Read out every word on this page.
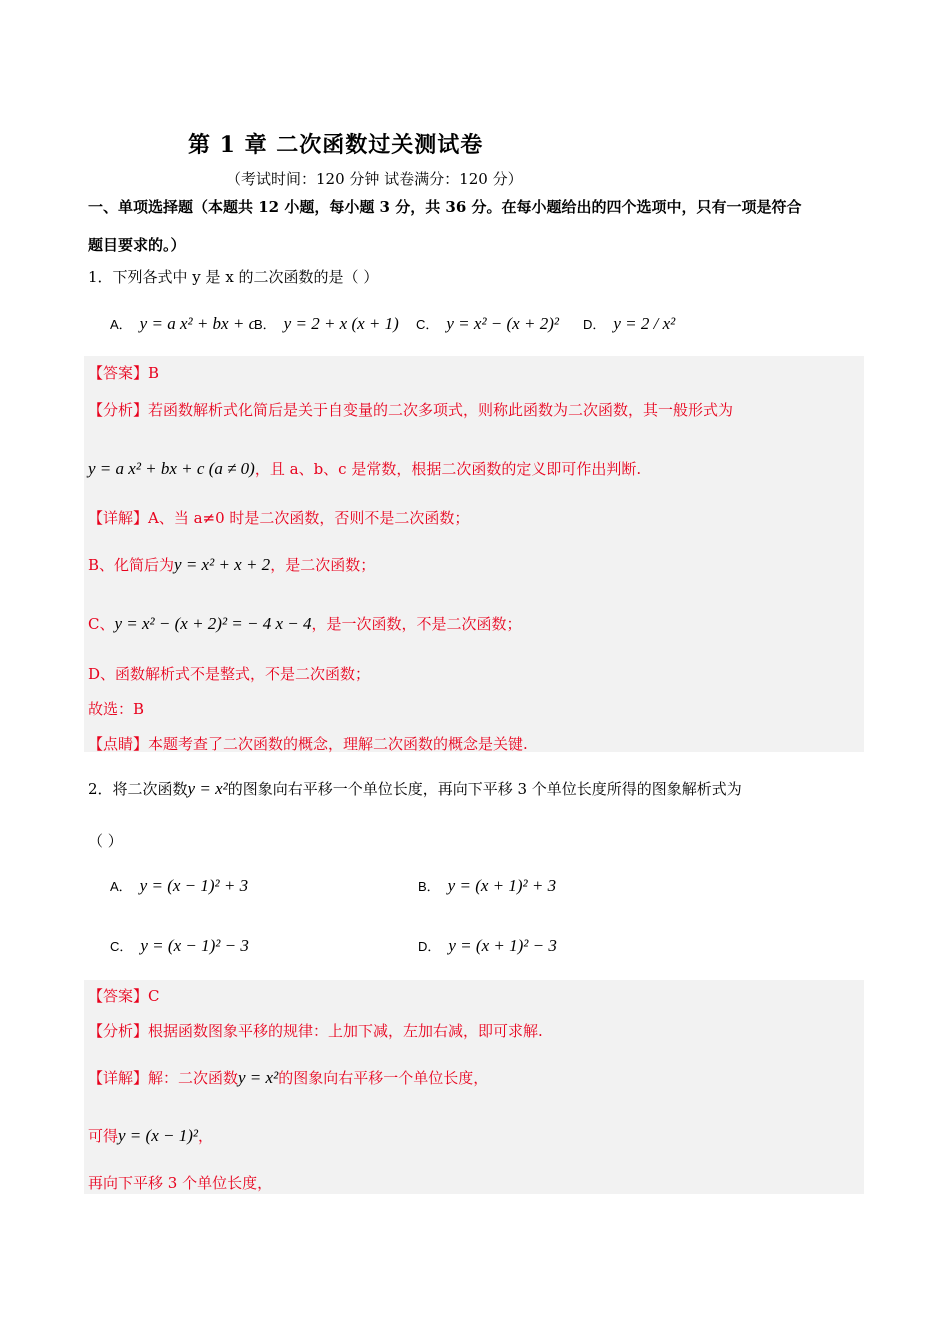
第 1 章 二次函数过关测试卷
（考试时间：120 分钟 试卷满分：120 分）
一、单项选择题（本题共 12 小题，每小题 3 分，共 36 分。在每小题给出的四个选项中，只有一项是符合
题目要求的。）
1．下列各式中 y 是 x 的二次函数的是（ ）
A． y = a x² + bx + c
B． y = 2 + x (x + 1) C． y = x² − (x + 2)² D． y = 2 / x²
【答案】B
【分析】若函数解析式化简后是关于自变量的二次多项式，则称此函数为二次函数，其一般形式为
y = a x² + bx + c (a ≠ 0)，且 a、b、c 是常数，根据二次函数的定义即可作出判断.
【详解】A、当 a≠0 时是二次函数，否则不是二次函数；
B、化简后为y = x² + x + 2，是二次函数；
C、y = x² − (x + 2)² = − 4 x − 4，是一次函数，不是二次函数；
D、函数解析式不是整式，不是二次函数；
故选：B
【点睛】本题考查了二次函数的概念，理解二次函数的概念是关键.
2．将二次函数y = x²的图象向右平移一个单位长度，再向下平移 3 个单位长度所得的图象解析式为
（ ）
A． y = (x − 1)² + 3	B． y = (x + 1)² + 3
C． y = (x − 1)² − 3	D． y = (x + 1)² − 3
【答案】C
【分析】根据函数图象平移的规律：上加下减，左加右减，即可求解.
【详解】解：二次函数y = x²的图象向右平移一个单位长度，
可得y = (x − 1)²，
再向下平移 3 个单位长度，
